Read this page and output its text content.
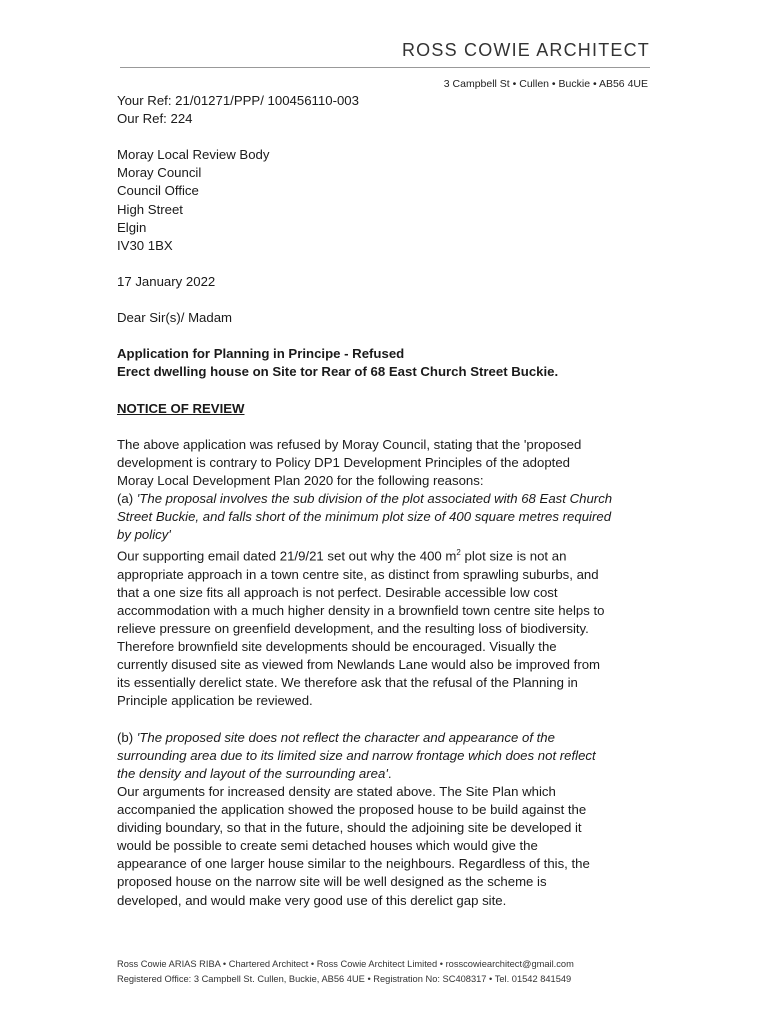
ROSS COWIE ARCHITECT
3 Campbell St • Cullen • Buckie • AB56 4UE
Your Ref: 21/01271/PPP/ 100456110-003
Our Ref: 224
Moray Local Review Body
Moray Council
Council Office
High Street
Elgin
IV30 1BX
17 January 2022
Dear Sir(s)/ Madam
Application for Planning in Principe - Refused
Erect dwelling house on Site tor Rear of 68 East Church Street Buckie.
NOTICE OF REVIEW
The above application was refused by Moray Council, stating that the 'proposed
development is contrary to Policy DP1 Development Principles of the adopted
Moray Local Development Plan 2020 for the following reasons:
(a) 'The proposal involves the sub division of the plot associated with 68 East Church
Street Buckie, and falls short of the minimum plot size of 400 square metres required
by policy'
Our supporting email dated 21/9/21 set out why the 400 $m^2$ plot size is not an
appropriate approach in a town centre site, as distinct from sprawling suburbs, and
that a one size fits all approach is not perfect. Desirable accessible low cost
accommodation with a much higher density in a brownfield town centre site helps to
relieve pressure on greenfield development, and the resulting loss of biodiversity.
Therefore brownfield site developments should be encouraged. Visually the
currently disused site as viewed from Newlands Lane would also be improved from
its essentially derelict state. We therefore ask that the refusal of the Planning in
Principle application be reviewed.
(b) 'The proposed site does not reflect the character and appearance of the
surrounding area due to its limited size and narrow frontage which does not reflect
the density and layout of the surrounding area'.
Our arguments for increased density are stated above. The Site Plan which
accompanied the application showed the proposed house to be build against the
dividing boundary, so that in the future, should the adjoining site be developed it
would be possible to create semi detached houses which would give the
appearance of one larger house similar to the neighbours. Regardless of this, the
proposed house on the narrow site will be well designed as the scheme is
developed, and would make very good use of this derelict gap site.
Ross Cowie ARIAS RIBA • Chartered Architect • Ross Cowie Architect Limited • rosscowiearchitect@gmail.com
Registered Office: 3 Campbell St. Cullen, Buckie, AB56 4UE • Registration No: SC408317 • Tel. 01542 841549
